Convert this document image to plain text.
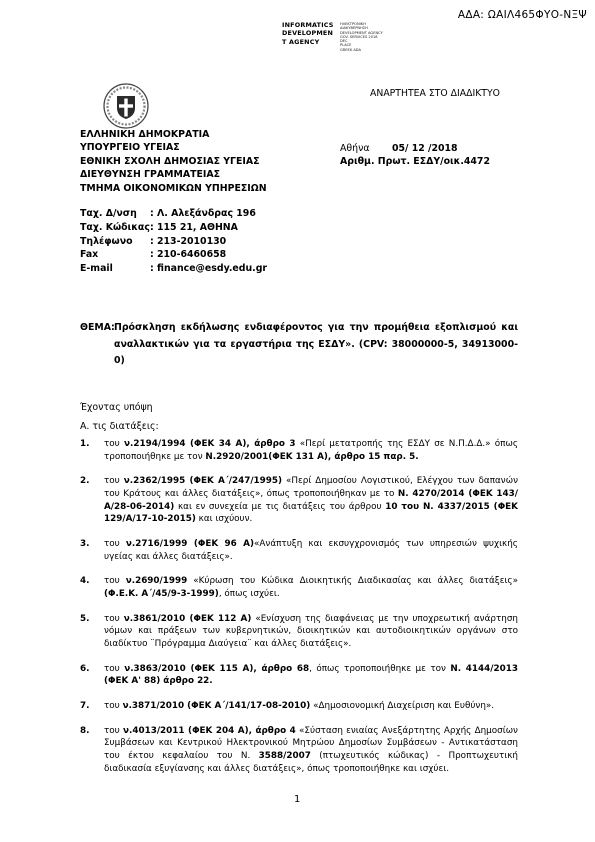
ΑΔΑ: ΩΑΙΛ465ΦΥΟ-ΝΞΨ
INFORMATICS
DEVELOPMEN
T AGENCY
ΗΛΕΚΤΡΟΝΙΚΗ
ΔΙΑΚΥΒΕΡΝΗΣΗ
DEVELOPMENT AGENCY
GOV. SERVICES 2018
DEC
PLACE
GREEK ADA
ΑΝΑΡΤΗΤΕΑ ΣΤΟ ΔΙΑΔΙΚΤΥΟ
ΕΛΛΗΝΙΚΗ ΔΗΜΟΚΡΑΤΙΑ
ΥΠΟΥΡΓΕΙΟ ΥΓΕΙΑΣ
ΕΘΝΙΚΗ ΣΧΟΛΗ ΔΗΜΟΣΙΑΣ ΥΓΕΙΑΣ
ΔΙΕΥΘΥΝΣΗ ΓΡΑΜΜΑΤΕΙΑΣ
ΤΜΗΜΑ ΟΙΚΟΝΟΜΙΚΩΝ ΥΠΗΡΕΣΙΩΝ
Αθήνα 05/ 12 /2018
Αριθμ. Πρωτ. ΕΣΔΥ/οικ.4472
Ταχ. Δ/νση : Λ. Αλεξάνδρας 196
Ταχ. Κώδικας: 115 21, ΑΘΗΝΑ
Τηλέφωνο : 213-2010130
Fax	: 210-6460658
E-mail	: finance@esdy.edu.gr
ΘΕΜΑ: Πρόσκληση εκδήλωσης ενδιαφέροντος για την προμήθεια εξοπλισμού και αναλλακτικών για τα εργαστήρια της ΕΣΔΥ». (CPV: 38000000-5, 34913000-0)
Έχοντας υπόψη
Α. τις διατάξεις:
1. του ν.2194/1994 (ΦΕΚ 34 Α), άρθρο 3 «Περί μετατροπής της ΕΣΔΥ σε Ν.Π.Δ.Δ.» όπως τροποποιήθηκε με τον Ν.2920/2001(ΦΕΚ 131 Α), άρθρο 15 παρ. 5.
2. του ν.2362/1995 (ΦΕΚ Α΄/247/1995) «Περί Δημοσίου Λογιστικού, Ελέγχου των δαπανών του Κράτους και άλλες διατάξεις», όπως τροποποιήθηκαν με το Ν. 4270/2014 (ΦΕΚ 143/Α/28-06-2014) και εν συνεχεία με τις διατάξεις του άρθρου 10 του Ν. 4337/2015 (ΦΕΚ 129/Α/17-10-2015) και ισχύουν.
3. του ν.2716/1999 (ΦΕΚ 96 Α)«Ανάπτυξη και εκσυγχρονισμός των υπηρεσιών ψυχικής υγείας και άλλες διατάξεις».
4. του ν.2690/1999 «Κύρωση του Κώδικα Διοικητικής Διαδικασίας και άλλες διατάξεις» (Φ.Ε.Κ. Α΄/45/9-3-1999), όπως ισχύει.
5. του ν.3861/2010 (ΦΕΚ 112 Α) «Ενίσχυση της διαφάνειας με την υποχρεωτική ανάρτηση νόμων και πράξεων των κυβερνητικών, διοικητικών και αυτοδιοικητικών οργάνων στο διαδίκτυο ¨Πρόγραμμα Διαύγεια¨ και άλλες διατάξεις».
6. του ν.3863/2010 (ΦΕΚ 115 Α), άρθρο 68, όπως τροποποιήθηκε με τον Ν. 4144/2013 (ΦΕΚ Α' 88) άρθρο 22.
7. του ν.3871/2010 (ΦΕΚ Α΄/141/17-08-2010) «Δημοσιονομική Διαχείριση και Ευθύνη».
8. του ν.4013/2011 (ΦΕΚ 204 Α), άρθρο 4 «Σύσταση ενιαίας Ανεξάρτητης Αρχής Δημοσίων Συμβάσεων και Κεντρικού Ηλεκτρονικού Μητρώου Δημοσίων Συμβάσεων - Αντικατάσταση του έκτου κεφαλαίου του Ν. 3588/2007 (πτωχευτικός κώδικας) - Προπτωχευτική διαδικασία εξυγίανσης και άλλες διατάξεις», όπως τροποποιήθηκε και ισχύει.
1
